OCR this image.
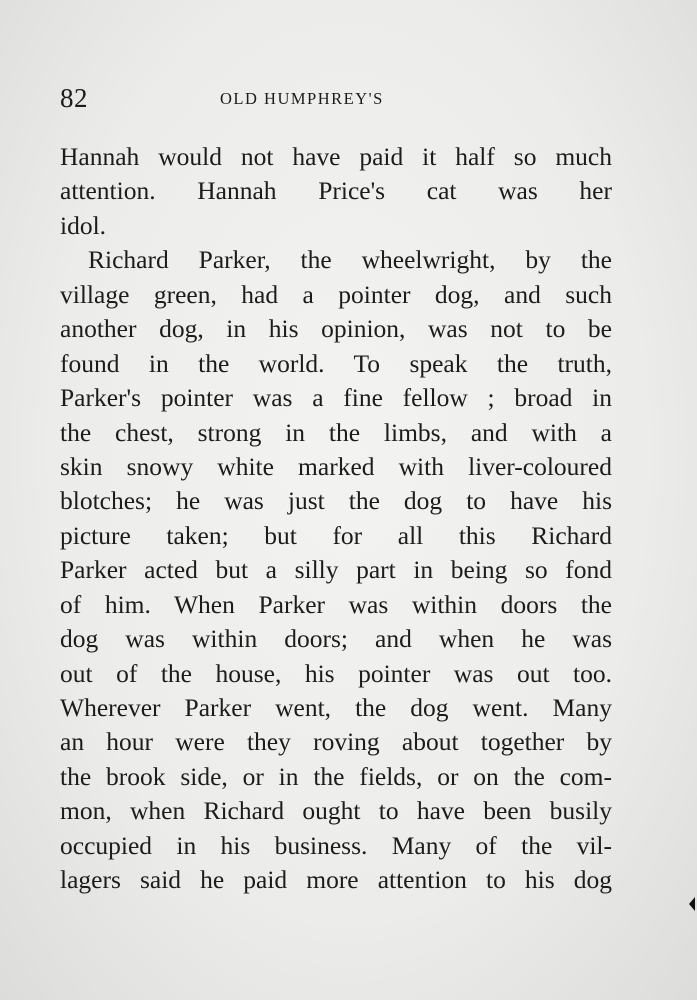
82	OLD HUMPHREY'S
Hannah would not have paid it half so much
attention. Hannah Price's cat was her
idol.
Richard Parker, the wheelwright, by the
village green, had a pointer dog, and such
another dog, in his opinion, was not to be
found in the world. To speak the truth,
Parker's pointer was a fine fellow ; broad in
the chest, strong in the limbs, and with a
skin snowy white marked with liver-coloured
blotches; he was just the dog to have his
picture taken; but for all this Richard
Parker acted but a silly part in being so fond
of him. When Parker was within doors the
dog was within doors; and when he was
out of the house, his pointer was out too.
Wherever Parker went, the dog went. Many
an hour were they roving about together by
the brook side, or in the fields, or on the com-
mon, when Richard ought to have been busily
occupied in his business. Many of the vil-
lagers said he paid more attention to his dog
